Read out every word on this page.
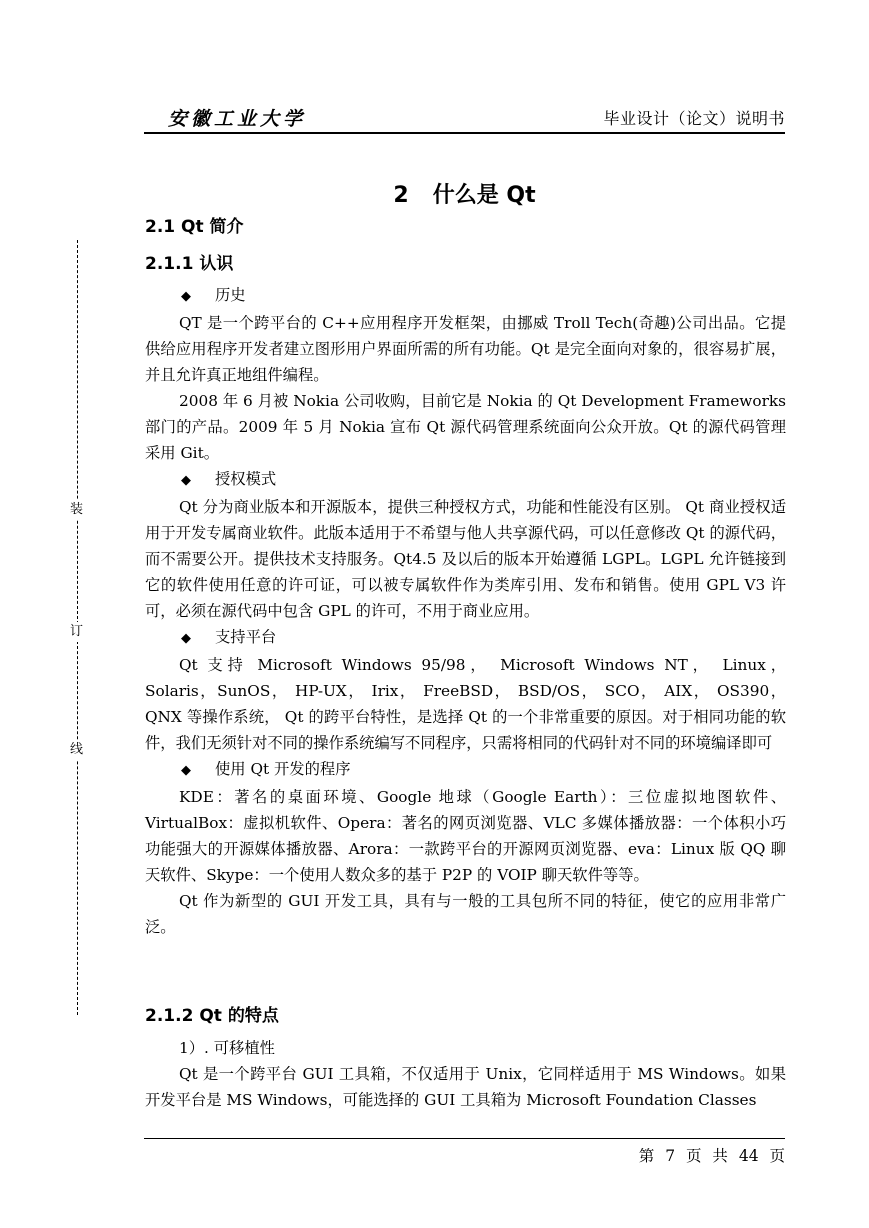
安徽工业大学	毕业设计（论文）说明书
装
订
线
2 什么是 Qt
2.1 Qt 简介
2.1.1 认识

◆ 历史

QT 是一个跨平台的 C++应用程序开发框架，由挪威 Troll Tech(奇趣)公司出品。它提供给应用程序开发者建立图形用户界面所需的所有功能。Qt 是完全面向对象的，很容易扩展，并且允许真正地组件编程。

2008 年 6 月被 Nokia 公司收购，目前它是 Nokia 的 Qt Development Frameworks 部门的产品。2009 年 5 月 Nokia 宣布 Qt 源代码管理系统面向公众开放。Qt 的源代码管理采用 Git。

◆ 授权模式

Qt 分为商业版本和开源版本，提供三种授权方式，功能和性能没有区别。 Qt 商业授权适用于开发专属商业软件。此版本适用于不希望与他人共享源代码，可以任意修改 Qt 的源代码，而不需要公开。提供技术支持服务。Qt4.5 及以后的版本开始遵循 LGPL。LGPL 允许链接到它的软件使用任意的许可证，可以被专属软件作为类库引用、发布和销售。使用 GPL V3 许可，必须在源代码中包含 GPL 的许可，不用于商业应用。

◆ 支持平台

Qt 支持 Microsoft Windows 95/98， Microsoft Windows NT， Linux， Solaris，SunOS， HP-UX， Irix， FreeBSD， BSD/OS， SCO， AIX， OS390，QNX 等操作系统， Qt 的跨平台特性，是选择 Qt 的一个非常重要的原因。对于相同功能的软件，我们无须针对不同的操作系统编写不同程序，只需将相同的代码针对不同的环境编译即可

◆ 使用 Qt 开发的程序

KDE：著名的桌面环境、Google 地球（Google Earth）：三位虚拟地图软件、VirtualBox：虚拟机软件、Opera：著名的网页浏览器、VLC 多媒体播放器：一个体积小巧功能强大的开源媒体播放器、Arora：一款跨平台的开源网页浏览器、eva：Linux 版 QQ 聊天软件、Skype：一个使用人数众多的基于 P2P 的 VOIP 聊天软件等等。

Qt 作为新型的 GUI 开发工具，具有与一般的工具包所不同的特征，使它的应用非常广泛。

2.1.2 Qt 的特点

1）. 可移植性

Qt 是一个跨平台 GUI 工具箱，不仅适用于 Unix，它同样适用于 MS Windows。如果开发平台是 MS Windows，可能选择的 GUI 工具箱为 Microsoft Foundation Classes

第 7 页 共 44 页
